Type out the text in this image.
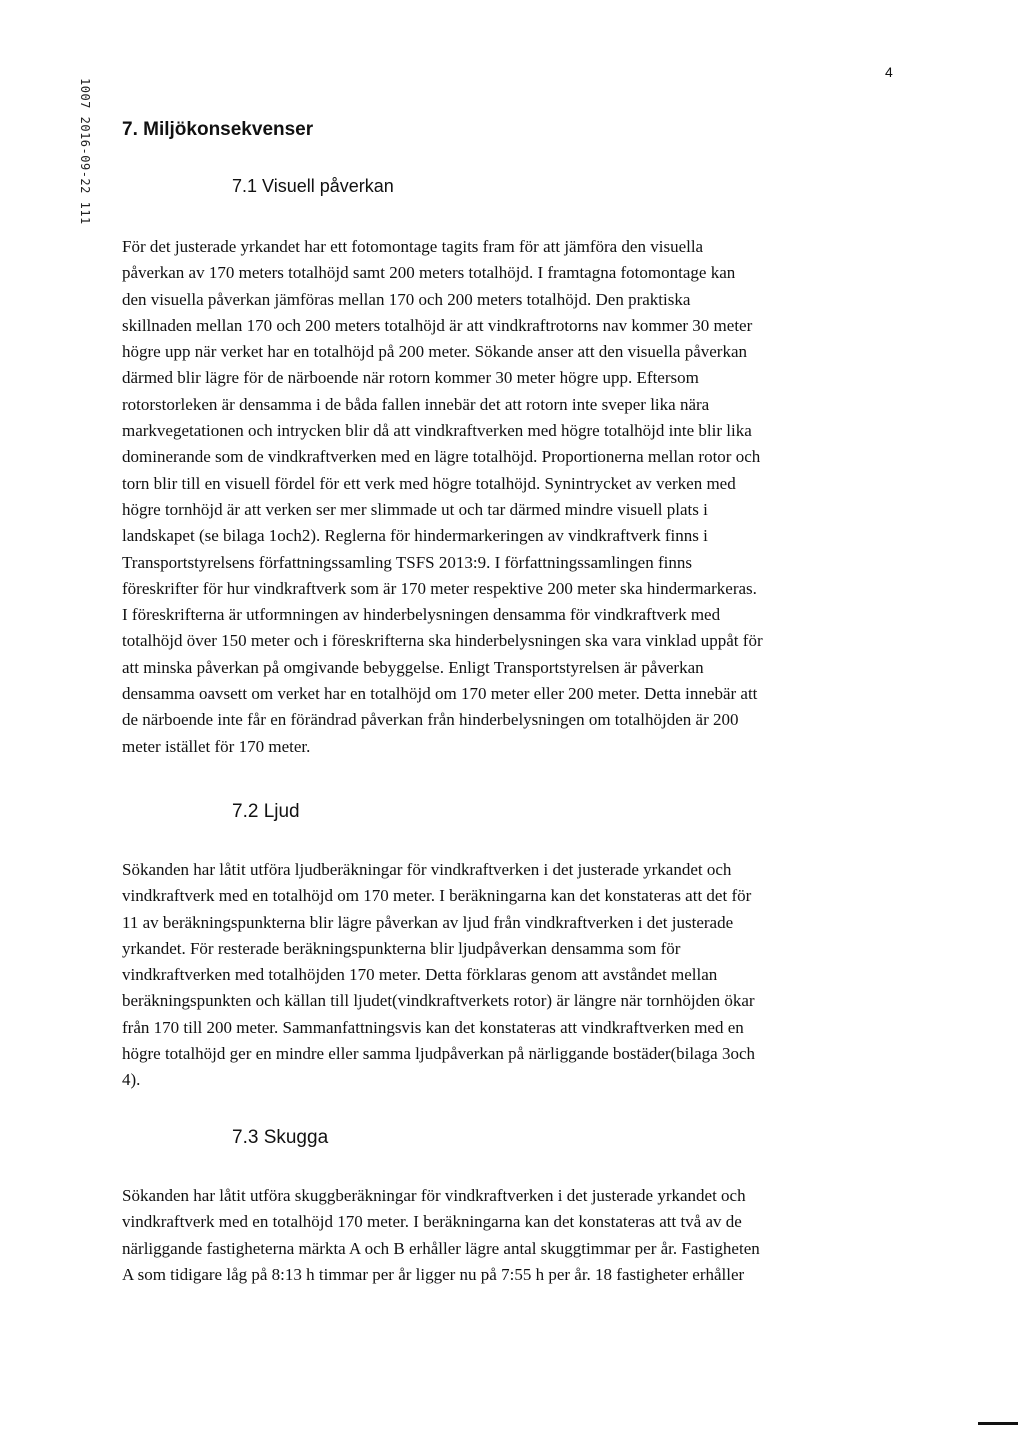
1007 2016-09-22 111
4
7. Miljökonsekvenser
7.1 Visuell påverkan
För det justerade yrkandet har ett fotomontage tagits fram för att jämföra den visuella
påverkan av 170 meters totalhöjd samt 200 meters totalhöjd. I framtagna fotomontage kan
den visuella påverkan jämföras mellan 170 och 200 meters totalhöjd. Den praktiska
skillnaden mellan 170 och 200 meters totalhöjd är att vindkraftrotorns nav kommer 30 meter
högre upp när verket har en totalhöjd på 200 meter. Sökande anser att den visuella påverkan
därmed blir lägre för de närboende när rotorn kommer 30 meter högre upp. Eftersom
rotorstorleken är densamma i de båda fallen innebär det att rotorn inte sveper lika nära
markvegetationen och intrycken blir då att vindkraftverken med högre totalhöjd inte blir lika
dominerande som de vindkraftverken med en lägre totalhöjd. Proportionerna mellan rotor och
torn blir till en visuell fördel för ett verk med högre totalhöjd. Synintrycket av verken med
högre tornhöjd är att verken ser mer slimmade ut och tar därmed mindre visuell plats i
landskapet (se bilaga 1och2). Reglerna för hindermarkeringen av vindkraftverk finns i
Transportstyrelsens författningssamling TSFS 2013:9. I författningssamlingen finns
föreskrifter för hur vindkraftverk som är 170 meter respektive 200 meter ska hindermarkeras.
I föreskrifterna är utformningen av hinderbelysningen densamma för vindkraftverk med
totalhöjd över 150 meter och i föreskrifterna ska hinderbelysningen ska vara vinklad uppåt för
att minska påverkan på omgivande bebyggelse. Enligt Transportstyrelsen är påverkan
densamma oavsett om verket har en totalhöjd om 170 meter eller 200 meter. Detta innebär att
de närboende inte får en förändrad påverkan från hinderbelysningen om totalhöjden är 200
meter istället för 170 meter.
7.2 Ljud
Sökanden har låtit utföra ljudberäkningar för vindkraftverken i det justerade yrkandet och
vindkraftverk med en totalhöjd om 170 meter. I beräkningarna kan det konstateras att det för
11 av beräkningspunkterna blir lägre påverkan av ljud från vindkraftverken i det justerade
yrkandet. För resterade beräkningspunkterna blir ljudpåverkan densamma som för
vindkraftverken med totalhöjden 170 meter. Detta förklaras genom att avståndet mellan
beräkningspunkten och källan till ljudet(vindkraftverkets rotor) är längre när tornhöjden ökar
från 170 till 200 meter. Sammanfattningsvis kan det konstateras att vindkraftverken med en
högre totalhöjd ger en mindre eller samma ljudpåverkan på närliggande bostäder(bilaga 3och
4).
7.3 Skugga
Sökanden har låtit utföra skuggberäkningar för vindkraftverken i det justerade yrkandet och
vindkraftverk med en totalhöjd 170 meter. I beräkningarna kan det konstateras att två av de
närliggande fastigheterna märkta A och B erhåller lägre antal skuggtimmar per år. Fastigheten
A som tidigare låg på 8:13 h timmar per år ligger nu på 7:55 h per år. 18 fastigheter erhåller
